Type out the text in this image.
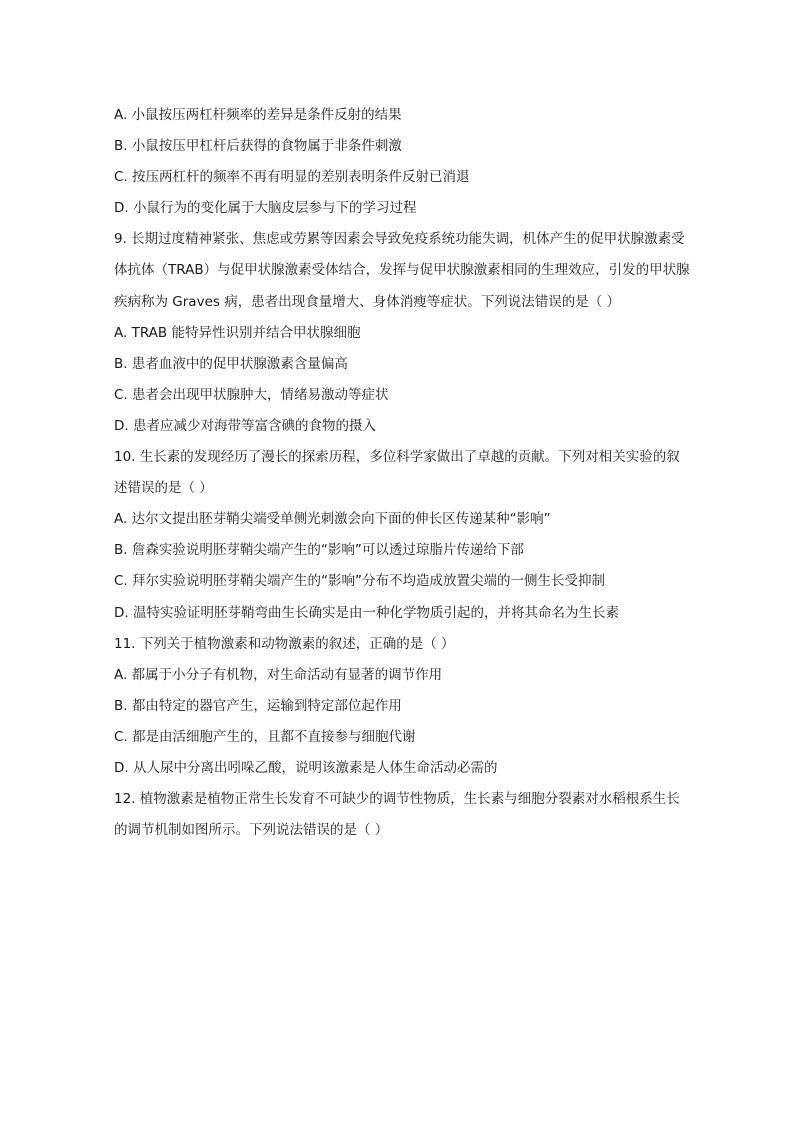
A. 小鼠按压两杠杆频率的差异是条件反射的结果
B. 小鼠按压甲杠杆后获得的食物属于非条件刺激
C. 按压两杠杆的频率不再有明显的差别表明条件反射已消退
D. 小鼠行为的变化属于大脑皮层参与下的学习过程
9. 长期过度精神紧张、焦虑或劳累等因素会导致免疫系统功能失调，机体产生的促甲状腺激素受
体抗体（TRAB）与促甲状腺激素受体结合，发挥与促甲状腺激素相同的生理效应，引发的甲状腺
疾病称为 Graves 病，患者出现食量增大、身体消瘦等症状。下列说法错误的是（ ）
A. TRAB 能特异性识别并结合甲状腺细胞
B. 患者血液中的促甲状腺激素含量偏高
C. 患者会出现甲状腺肿大，情绪易激动等症状
D. 患者应减少对海带等富含碘的食物的摄入
10. 生长素的发现经历了漫长的探索历程，多位科学家做出了卓越的贡献。下列对相关实验的叙
述错误的是（ ）
A. 达尔文提出胚芽鞘尖端受单侧光刺激会向下面的伸长区传递某种“影响”
B. 詹森实验说明胚芽鞘尖端产生的“影响”可以透过琼脂片传递给下部
C. 拜尔实验说明胚芽鞘尖端产生的“影响”分布不均造成放置尖端的一侧生长受抑制
D. 温特实验证明胚芽鞘弯曲生长确实是由一种化学物质引起的，并将其命名为生长素
11. 下列关于植物激素和动物激素的叙述，正确的是（ ）
A. 都属于小分子有机物，对生命活动有显著的调节作用
B. 都由特定的器官产生，运输到特定部位起作用
C. 都是由活细胞产生的，且都不直接参与细胞代谢
D. 从人尿中分离出吲哚乙酸，说明该激素是人体生命活动必需的
12. 植物激素是植物正常生长发育不可缺少的调节性物质，生长素与细胞分裂素对水稻根系生长
的调节机制如图所示。下列说法错误的是（ ）
